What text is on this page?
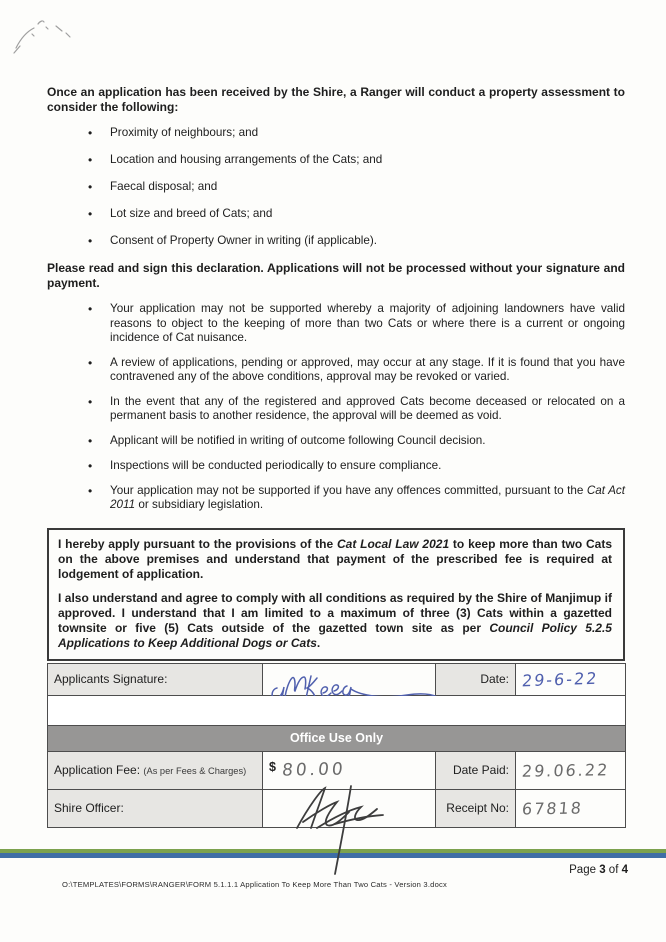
Once an application has been received by the Shire, a Ranger will conduct a property assessment to consider the following:

•	Proximity of neighbours; and
•	Location and housing arrangements of the Cats; and
•	Faecal disposal; and
•	Lot size and breed of Cats; and
•	Consent of Property Owner in writing (if applicable).

Please read and sign this declaration. Applications will not be processed without your signature and payment.

•	Your application may not be supported whereby a majority of adjoining landowners have valid reasons to object to the keeping of more than two Cats or where there is a current or ongoing incidence of Cat nuisance.
•	A review of applications, pending or approved, may occur at any stage. If it is found that you have contravened any of the above conditions, approval may be revoked or varied.
•	In the event that any of the registered and approved Cats become deceased or relocated on a permanent basis to another residence, the approval will be deemed as void.
•	Applicant will be notified in writing of outcome following Council decision.
•	Inspections will be conducted periodically to ensure compliance.
•	Your application may not be supported if you have any offences committed, pursuant to the Cat Act 2011 or subsidiary legislation.

I hereby apply pursuant to the provisions of the Cat Local Law 2021 to keep more than two Cats on the above premises and understand that payment of the prescribed fee is required at lodgement of application.

I also understand and agree to comply with all conditions as required by the Shire of Manjimup if approved. I understand that I am limited to a maximum of three (3) Cats within a gazetted townsite or five (5) Cats outside of the gazetted town site as per Council Policy 5.2.5 Applications to Keep Additional Dogs or Cats.

Applicants Signature:		Date:	29-6-22

Office Use Only			
Application Fee: (As per Fees & Charges)	$ 80.00	Date Paid:	29.06.22
Shire Officer:		Receipt No:	67818
Page 3 of 4
O:\TEMPLATES\FORMS\RANGER\FORM 5.1.1.1 Application To Keep More Than Two Cats - Version 3.docx
